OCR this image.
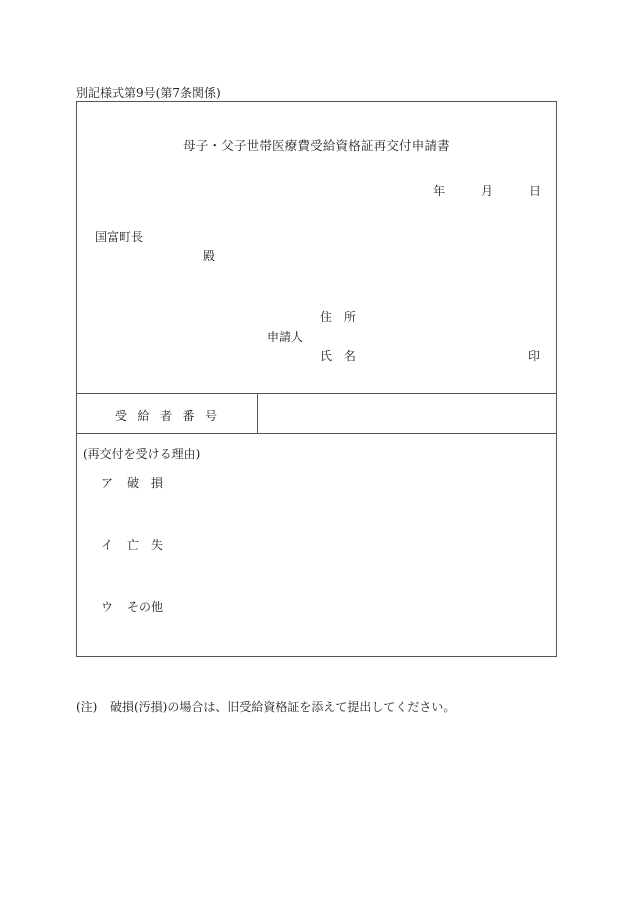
別記様式第9号(第7条関係)
母子・父子世帯医療費受給資格証再交付申請書
年	月	日
国富町長
殿
住 所
申請人
氏 名	印
受給者番号
(再交付を受ける理由)
ア 破損
イ 亡失
ウ その他
(注) 破損(汚損)の場合は、旧受給資格証を添えて提出してください。
